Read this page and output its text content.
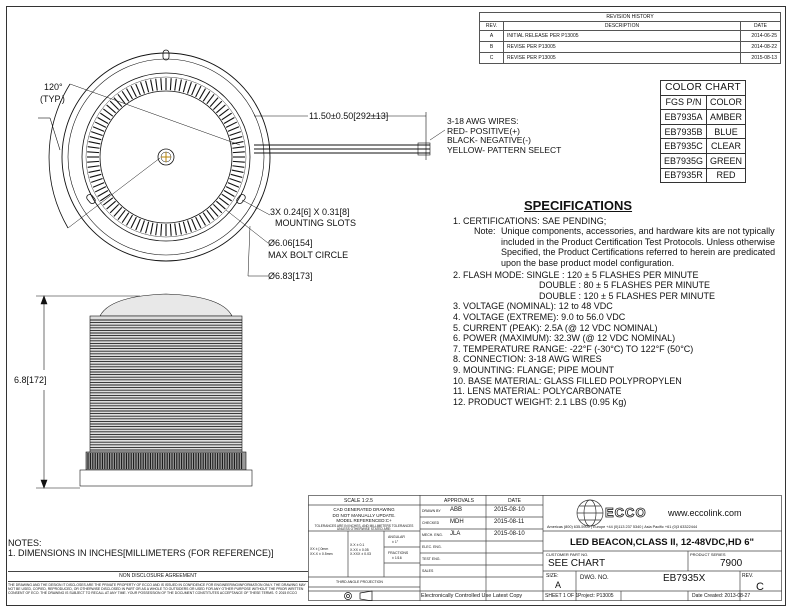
REVISION HISTORY		
REV.	DESCRIPTION	DATE
A	INITIAL RELEASE PER P13005	2014-06-25
B	REVISE PER P13005	2014-08-22
C	REVISE PER P13005	2015-08-13
COLOR CHART	
FGS P/N	COLOR
EB7935A	AMBER
EB7935B	BLUE
EB7935C	CLEAR
EB7935G	GREEN
EB7935R	RED
120°
(TYP.)
11.50±0.50[292±13]
3X 0.24[6] X 0.31[8]
MOUNTING SLOTS
Ø6.06[154]
MAX BOLT CIRCLE
Ø6.83[173]
3-18 AWG WIRES:
RED- POSITIVE(+)
BLACK- NEGATIVE(-)
YELLOW- PATTERN SELECT
6.8[172]
SPECIFICATIONS
1. CERTIFICATIONS: SAE PENDING;
Note: Unique components, accessories, and hardware kits are not typically included in the Product Certification Test Protocols. Unless otherwise Specified, the Product Certifications referred to herein are predicated upon the base product model configuration.
2. FLASH MODE: SINGLE : 120 ± 5 FLASHES PER MINUTE
DOUBLE : 80 ± 5 FLASHES PER MINUTE
DOUBLE : 120 ± 5 FLASHES PER MINUTE
3. VOLTAGE (NOMINAL): 12 to 48 VDC
4. VOLTAGE (EXTREME): 9.0 to 56.0 VDC
5. CURRENT (PEAK): 2.5A (@ 12 VDC NOMINAL)
6. POWER (MAXIMUM): 32.3W (@ 12 VDC NOMINAL)
7. TEMPERATURE RANGE: -22°F (-30°C) TO 122°F (50°C)
8. CONNECTION: 3-18 AWG WIRES
9. MOUNTING: FLANGE; PIPE MOUNT
10. BASE MATERIAL: GLASS FILLED POLYPROPYLEN
11. LENS MATERIAL: POLYCARBONATE
12. PRODUCT WEIGHT: 2.1 LBS (0.95 Kg)
NOTES:
1. DIMENSIONS IN INCHES[MILLIMETERS (FOR REFERENCE)]
NON DISCLOSURE AGREEMENT
THE DRAWING AND THE DESIGN IT DISCLOSES ARE THE PRIVATE PROPERTY OF ECCO AND IS ISSUED IN CONFIDENCE FOR ENGINEERING/INFORMATION ONLY. THE DRAWING MAY NOT BE USED, COPIED, REPRODUCED, OR OTHERWISE DISCLOSED IN PART OR AS A WHOLE TO OUTSIDERS OR USED FOR ANY OTHER PURPOSE WITHOUT THE PRIOR WRITTEN CONSENT OF ECO. THE DRAWING IS SUBJECT TO RECALL AT ANY TIME. YOUR POSSESSION OF THE DOCUMENT CONSTITUTES ACCEPTANCE OF THESE TERMS. © 2015 ECCO
SCALE 1:2.5	APPROVALS	DATE
CAD GENERATED DRAWING
DO NOT MANUALLY UPDATE.
MODEL REFERENCED:C+
TOLERANCES ARE IN INCHES, AND MILLIMETERS TOLERANCES UNLESS OTHERWISE STATED ARE:
XX ± [.0mm
XX.X ± 0.5mm
X.X ± 0.1
X.XX ± 0.05
X.XXX ± 0.03
ANGULAR
± 1°
FRACTIONS
± 1/16
THIRD ANGLE PROJECTION
DRAWN BY ABB	2015-08-10
CHECKED MDH	2015-08-11
MECH. ENG. JLA	2015-08-10
ELEC. ENG.
TEST ENG.
SALES
Electronically Controlled Use Latest Copy
ECCO www.eccolink.com
Americas (800) 635-5900 | Europe +44 (0)113 237 5340 | Asia Pacific +61 (0)3 63322444
LED BEACON,CLASS II, 12-48VDC,HD 6"
CUSTOMER PART NO.
SEE CHART
PRODUCT SERIES
7900
SIZE:
A
DWG. NO.	EB7935X	REV.
C
SHEET 1 OF 1 Project: P13005	Date Created: 2013-08-27
